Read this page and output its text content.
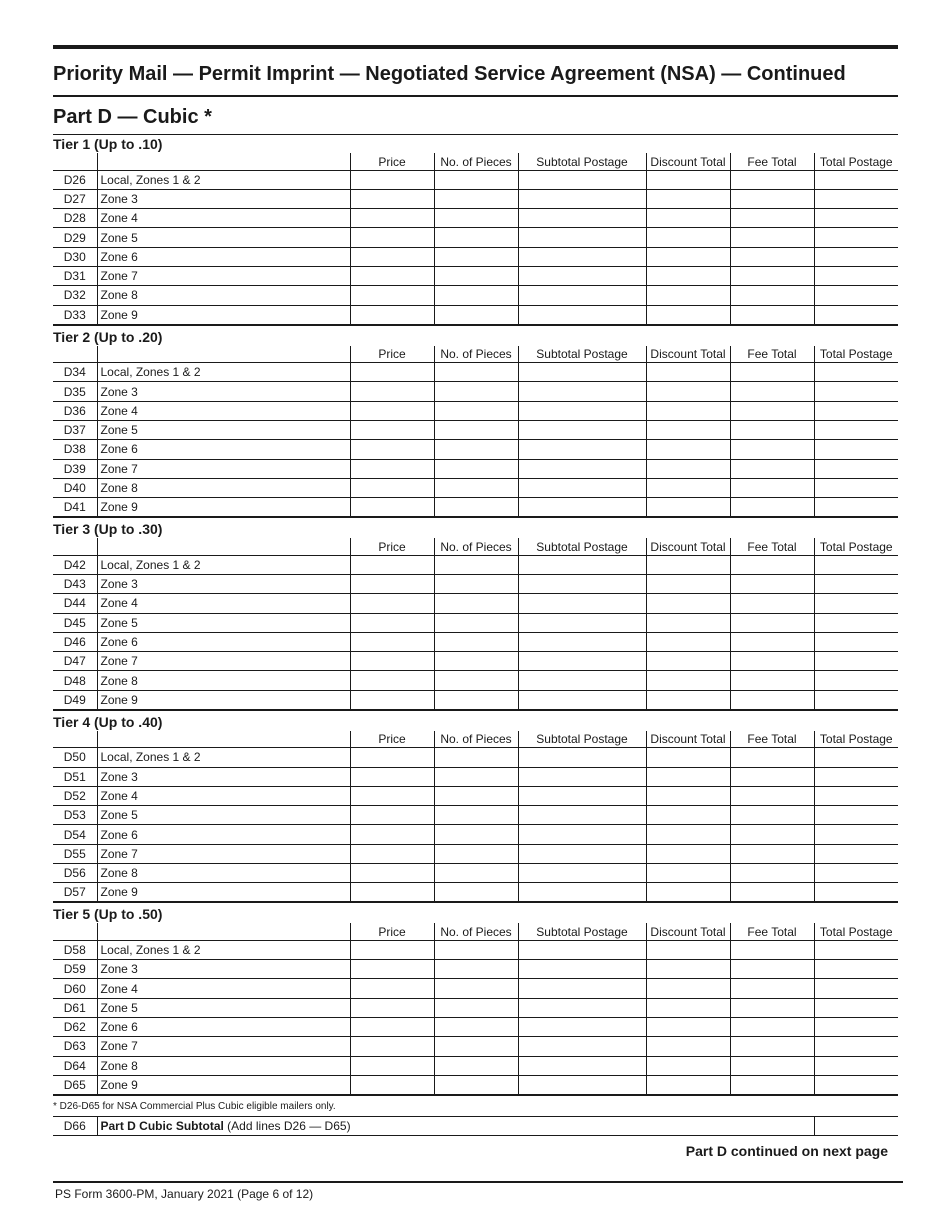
Priority Mail — Permit Imprint — Negotiated Service Agreement (NSA) — Continued
Part D — Cubic *
Tier 1 (Up to .10)
		Price	No. of Pieces	Subtotal Postage	Discount Total	Fee Total	Total Postage
D26	Local, Zones 1 & 2						
D27	Zone 3						
D28	Zone 4						
D29	Zone 5						
D30	Zone 6						
D31	Zone 7						
D32	Zone 8						
D33	Zone 9						
Tier 2 (Up to .20)
		Price	No. of Pieces	Subtotal Postage	Discount Total	Fee Total	Total Postage
D34	Local, Zones 1 & 2						
D35	Zone 3						
D36	Zone 4						
D37	Zone 5						
D38	Zone 6						
D39	Zone 7						
D40	Zone 8						
D41	Zone 9						
Tier 3 (Up to .30)
		Price	No. of Pieces	Subtotal Postage	Discount Total	Fee Total	Total Postage
D42	Local, Zones 1 & 2						
D43	Zone 3						
D44	Zone 4						
D45	Zone 5						
D46	Zone 6						
D47	Zone 7						
D48	Zone 8						
D49	Zone 9						
Tier 4 (Up to .40)
		Price	No. of Pieces	Subtotal Postage	Discount Total	Fee Total	Total Postage
D50	Local, Zones 1 & 2						
D51	Zone 3						
D52	Zone 4						
D53	Zone 5						
D54	Zone 6						
D55	Zone 7						
D56	Zone 8						
D57	Zone 9						
Tier 5 (Up to .50)
		Price	No. of Pieces	Subtotal Postage	Discount Total	Fee Total	Total Postage
D58	Local, Zones 1 & 2						
D59	Zone 3						
D60	Zone 4						
D61	Zone 5						
D62	Zone 6						
D63	Zone 7						
D64	Zone 8						
D65	Zone 9						
* D26-D65 for NSA Commercial Plus Cubic eligible mailers only.
D66	Part D Cubic Subtotal (Add lines D26 — D65)	
Part D continued on next page
PS Form 3600-PM, January 2021 (Page 6 of 12)
